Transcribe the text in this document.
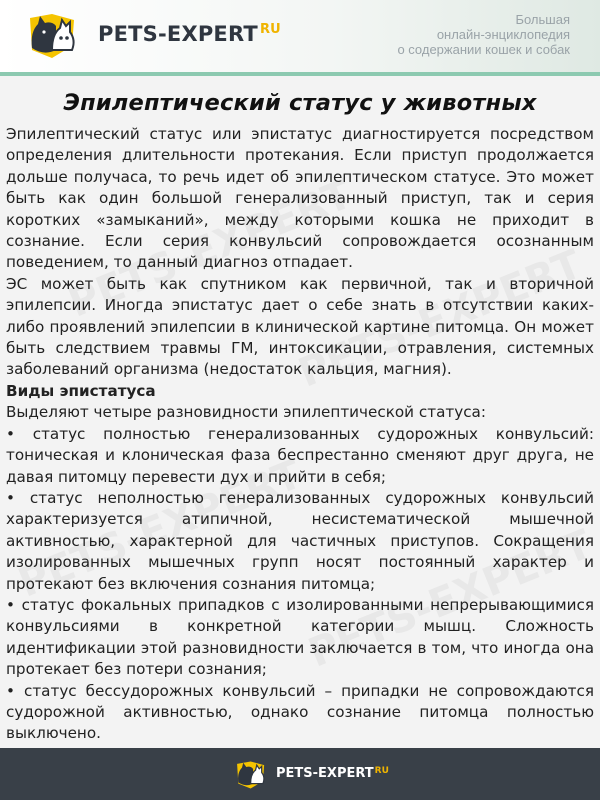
PETS-EXPERT $^{RU}$
Большая
онлайн-энциклопедия
о содержании кошек и собак
Эпилептический статус у животных

Эпилептический статус или эпистатус диагностируется посредством определения длительности протекания. Если приступ продолжается дольше получаса, то речь идет об эпилептическом статусе. Это может быть как один большой генерализованный приступ, так и серия коротких «замыканий», между которыми кошка не приходит в сознание. Если серия конвульсий сопровождается осознанным поведением, то данный диагноз отпадает.

ЭС может быть как спутником как первичной, так и вторичной эпилепсии. Иногда эпистатус дает о себе знать в отсутствии каких-либо проявлений эпилепсии в клинической картине питомца. Он может быть следствием травмы ГМ, интоксикации, отравления, системных заболеваний организма (недостаток кальция, магния).

Виды эпистатуса

Выделяют четыре разновидности эпилептической статуса:

• статус полностью генерализованных судорожных конвульсий: тоническая и клоническая фаза беспрестанно сменяют друг друга, не давая питомцу перевести дух и прийти в себя;

• статус неполностью генерализованных судорожных конвульсий характеризуется атипичной, несистематической мышечной активностью, характерной для частичных приступов. Сокращения изолированных мышечных групп носят постоянный характер и протекают без включения сознания питомца;

• статус фокальных припадков с изолированными непрерывающимися конвульсиями в конкретной категории мышц. Сложность идентификации этой разновидности заключается в том, что иногда она протекает без потери сознания;

• статус бессудорожных конвульсий – припадки не сопровождаются судорожной активностью, однако сознание питомца полностью выключено.

PETS-$EXPERT^{RU}$
